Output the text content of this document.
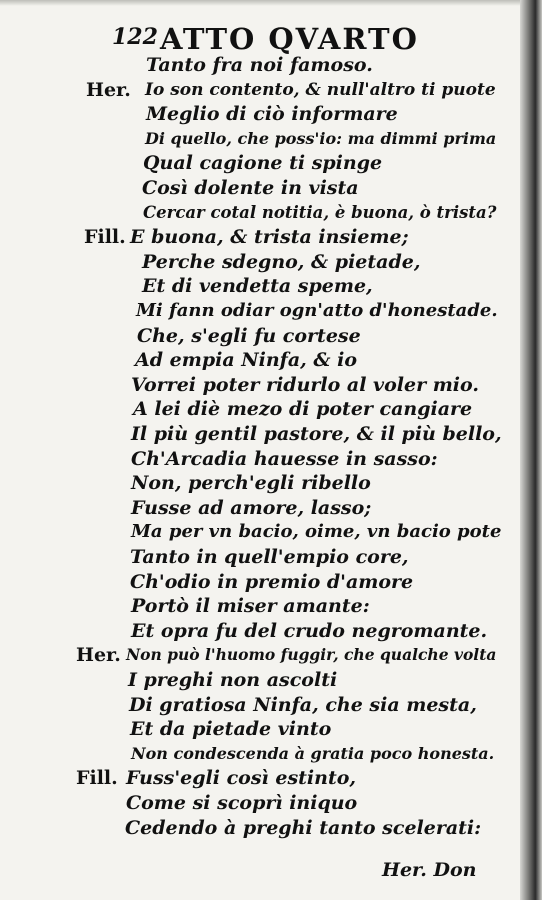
122 ATTO QVARTO
Tanto fra noi famoso.
Her. Io son contento, & null'altro ti puote
Meglio di ciò informare
Di quello, che poss'io: ma dimmi prima
Qual cagione ti spinge
Così dolente in vista
Cercar cotal notitia, è buona, ò trista?
Fill. E buona, & trista insieme;
Perche sdegno, & pietade,
Et di vendetta speme,
Mi fann odiar ogn'atto d'honestade.
Che, s'egli fu cortese
Ad empia Ninfa, & io
Vorrei poter ridurlo al voler mio.
A lei diè mezo di poter cangiare
Il più gentil pastore, & il più bello,
Ch'Arcadia hauesse in sasso:
Non, perch'egli ribello
Fusse ad amore, lasso;
Ma per vn bacio, oime, vn bacio pote
Tanto in quell'empio core,
Ch'odio in premio d'amore
Portò il miser amante:
Et opra fu del crudo negromante.
Her. Non può l'huomo fuggir, che qualche volta
I preghi non ascolti
Di gratiosa Ninfa, che sia mesta,
Et da pietade vinto
Non condescenda à gratia poco honesta.
Fill. Fuss'egli così estinto,
Come si scoprì iniquo
Cedendo à preghi tanto scelerati:
Her. Don
